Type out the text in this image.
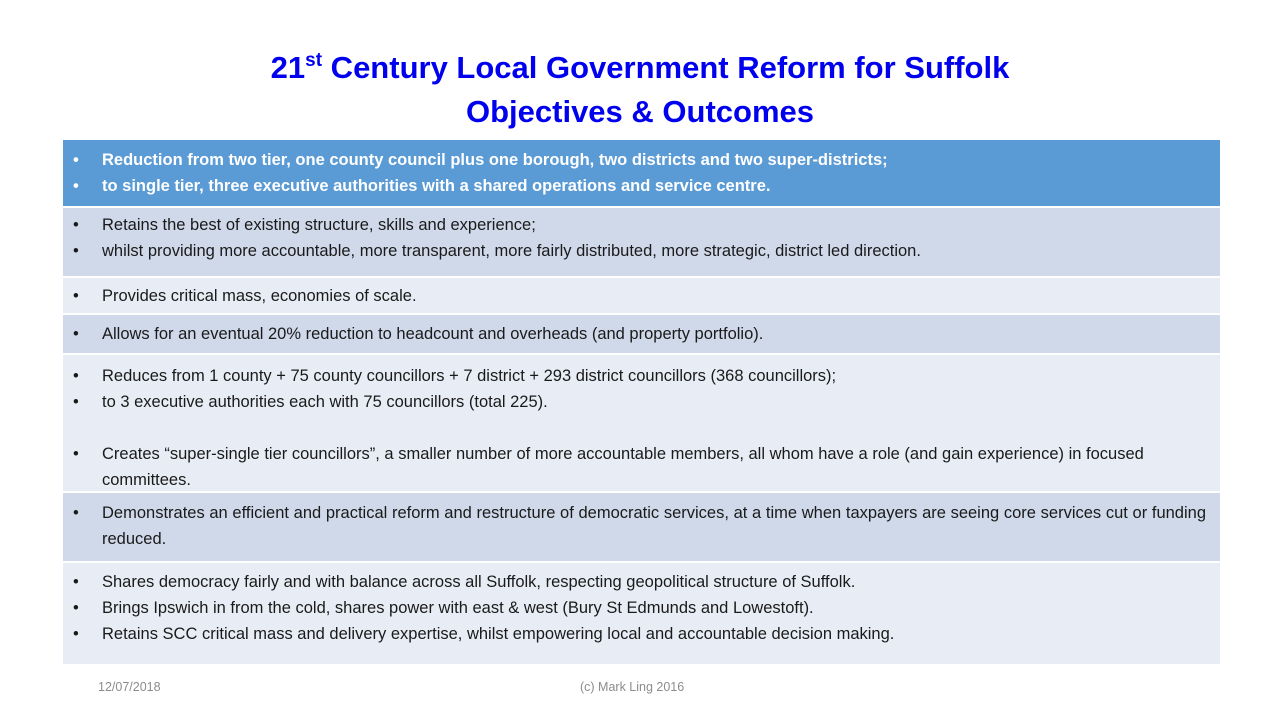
21st Century Local Government Reform for Suffolk
Objectives & Outcomes
• Reduction from two tier, one county council plus one borough, two districts and two super-districts;
• to single tier, three executive authorities with a shared operations and service centre.
• Retains the best of existing structure, skills and experience;
• whilst providing more accountable, more transparent, more fairly distributed, more strategic, district led direction.
• Provides critical mass, economies of scale.
• Allows for an eventual 20% reduction to headcount and overheads (and property portfolio).
• Reduces from 1 county + 75 county councillors + 7 district + 293 district councillors (368 councillors);
• to 3 executive authorities each with 75 councillors (total 225).
• Creates “super-single tier councillors”, a smaller number of more accountable members, all whom have a role (and gain experience) in focused committees.
• Demonstrates an efficient and practical reform and restructure of democratic services, at a time when taxpayers are seeing core services cut or funding reduced.
• Shares democracy fairly and with balance across all Suffolk, respecting geopolitical structure of Suffolk.
• Brings Ipswich in from the cold, shares power with east & west (Bury St Edmunds and Lowestoft).
• Retains SCC critical mass and delivery expertise, whilst empowering local and accountable decision making.
12/07/2018	(c) Mark Ling 2016
